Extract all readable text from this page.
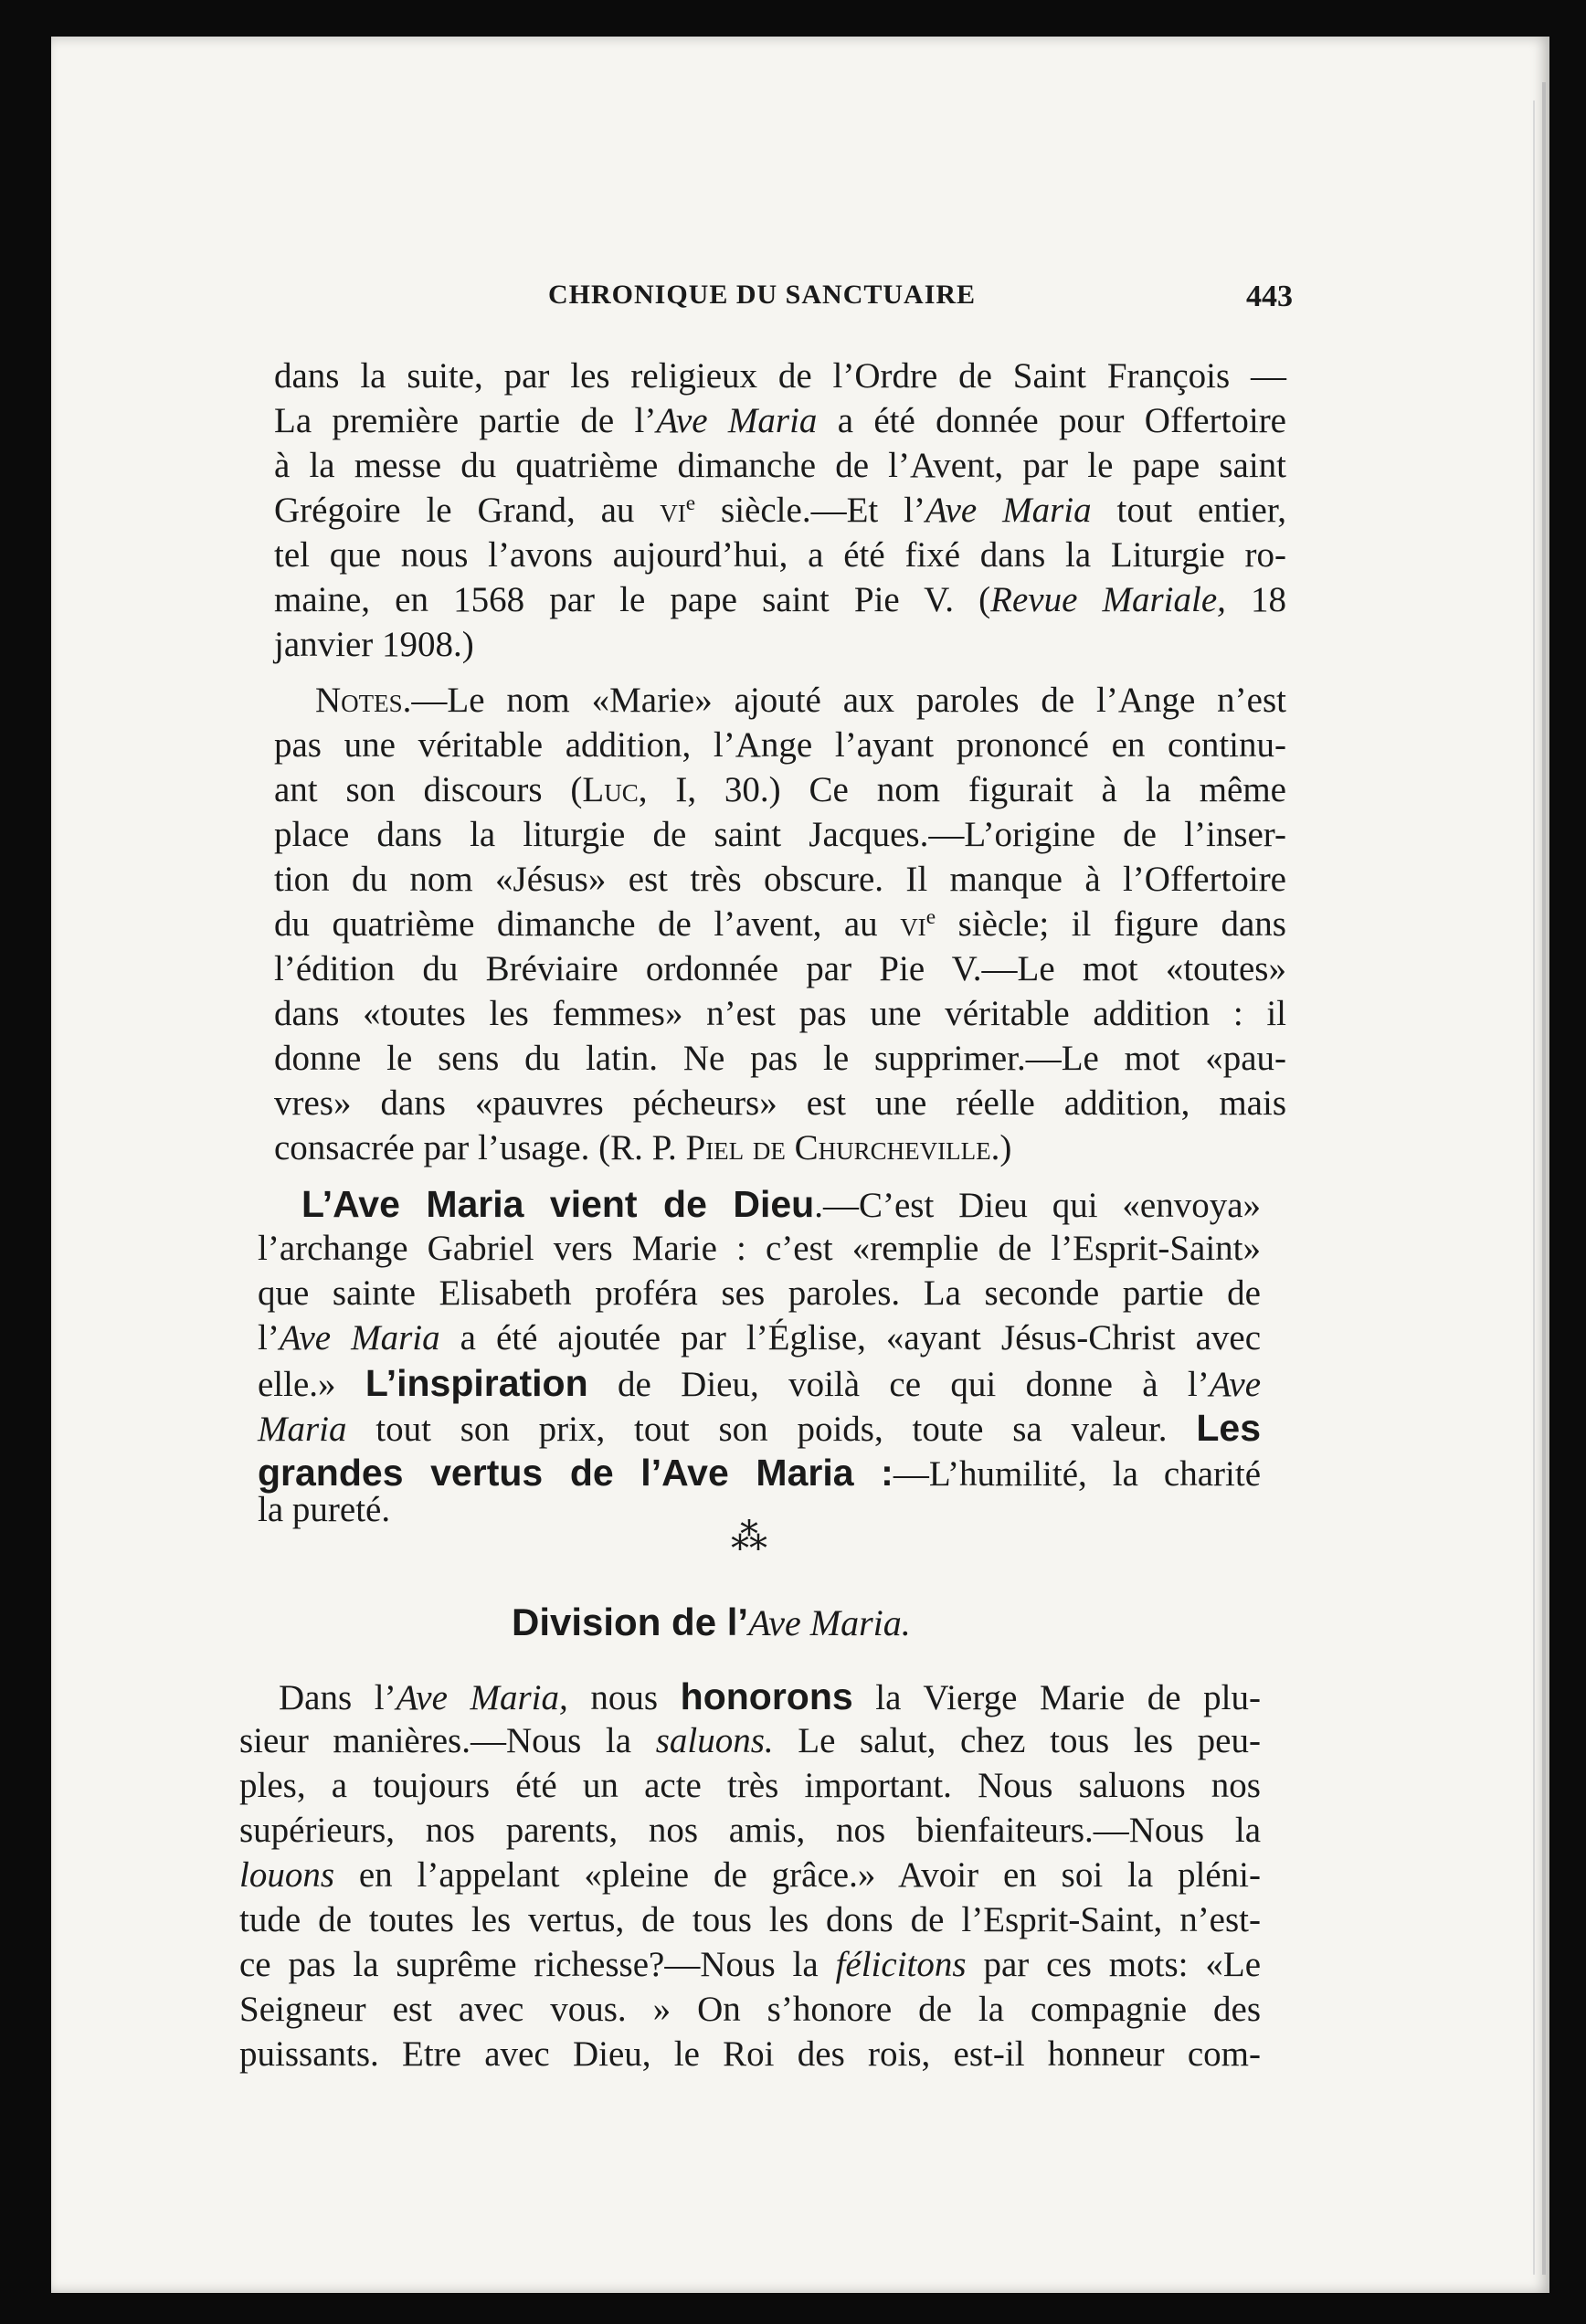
CHRONIQUE DU SANCTUAIRE	443
dans la suite, par les religieux de l’Ordre de Saint François —
La première partie de l’Ave Maria a été donnée pour Offertoire
à la messe du quatrième dimanche de l’Avent, par le pape saint
Grégoire le Grand, au $vi^e$ siècle.—Et l’Ave Maria tout entier,
tel que nous l’avons aujourd’hui, a été fixé dans la Liturgie ro-
maine, en 1568 par le pape saint Pie V. (Revue Mariale, 18
janvier 1908.)
Notes.—Le nom «Marie» ajouté aux paroles de l’Ange n’est
pas une véritable addition, l’Ange l’ayant prononcé en continu-
ant son discours (Luc, I, 30.) Ce nom figurait à la même
place dans la liturgie de saint Jacques.—L’origine de l’inser-
tion du nom «Jésus» est très obscure. Il manque à l’Offertoire
du quatrième dimanche de l’avent, au $vi^e$ siècle; il figure dans
l’édition du Bréviaire ordonnée par Pie V.—Le mot «toutes»
dans «toutes les femmes» n’est pas une véritable addition : il
donne le sens du latin. Ne pas le supprimer.—Le mot «pau-
vres» dans «pauvres pécheurs» est une réelle addition, mais
consacrée par l’usage. (R. P. Piel de Churcheville.)
L’Ave Maria vient de Dieu.—C’est Dieu qui «envoya»
l’archange Gabriel vers Marie : c’est «remplie de l’Esprit-Saint»
que sainte Elisabeth proféra ses paroles. La seconde partie de
l’Ave Maria a été ajoutée par l’Église, «ayant Jésus-Christ avec
elle.» L’inspiration de Dieu, voilà ce qui donne à l’Ave
Maria tout son prix, tout son poids, toute sa valeur. Les
grandes vertus de l’Ave Maria :—L’humilité, la charité
la pureté.
⁂
Division de l’Ave Maria.
Dans l’Ave Maria, nous honorons la Vierge Marie de plu-
sieur manières.—Nous la saluons. Le salut, chez tous les peu-
ples, a toujours été un acte très important. Nous saluons nos
supérieurs, nos parents, nos amis, nos bienfaiteurs.—Nous la
louons en l’appelant «pleine de grâce.» Avoir en soi la pléni-
tude de toutes les vertus, de tous les dons de l’Esprit-Saint, n’est-
ce pas la suprême richesse?—Nous la félicitons par ces mots: «Le
Seigneur est avec vous. » On s’honore de la compagnie des
puissants. Etre avec Dieu, le Roi des rois, est-il honneur com-
